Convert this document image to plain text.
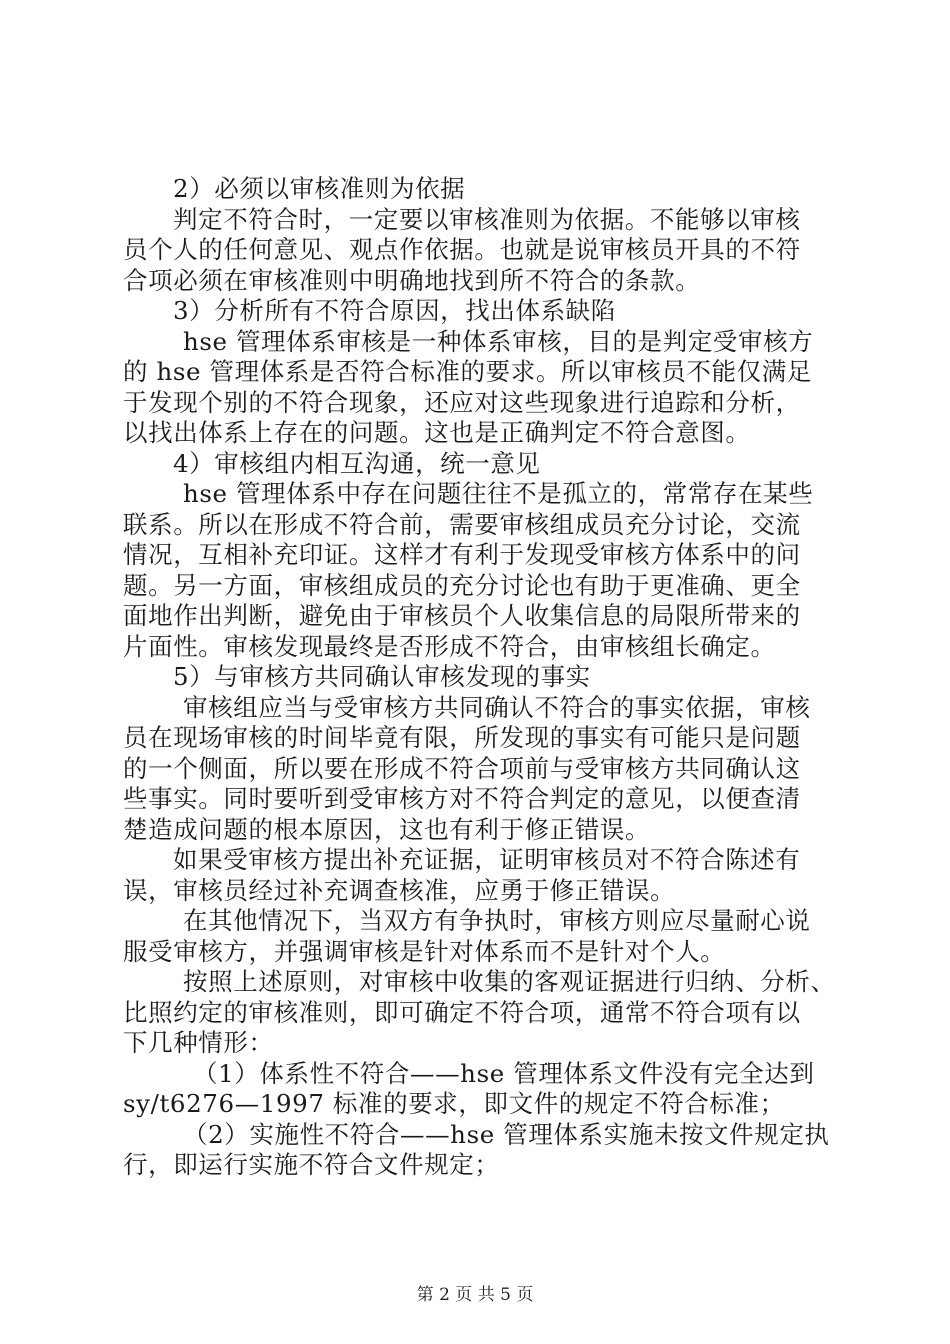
2）必须以审核准则为依据
判定不符合时，一定要以审核准则为依据。不能够以审核
员个人的任何意见、观点作依据。也就是说审核员开具的不符
合项必须在审核准则中明确地找到所不符合的条款。
3）分析所有不符合原因，找出体系缺陷
hse 管理体系审核是一种体系审核，目的是判定受审核方
的 hse 管理体系是否符合标准的要求。所以审核员不能仅满足
于发现个别的不符合现象，还应对这些现象进行追踪和分析，
以找出体系上存在的问题。这也是正确判定不符合意图。
4）审核组内相互沟通，统一意见
hse 管理体系中存在问题往往不是孤立的，常常存在某些
联系。所以在形成不符合前，需要审核组成员充分讨论，交流
情况，互相补充印证。这样才有利于发现受审核方体系中的问
题。另一方面，审核组成员的充分讨论也有助于更准确、更全
面地作出判断，避免由于审核员个人收集信息的局限所带来的
片面性。审核发现最终是否形成不符合，由审核组长确定。
5）与审核方共同确认审核发现的事实
审核组应当与受审核方共同确认不符合的事实依据，审核
员在现场审核的时间毕竟有限，所发现的事实有可能只是问题
的一个侧面，所以要在形成不符合项前与受审核方共同确认这
些事实。同时要听到受审核方对不符合判定的意见，以便查清
楚造成问题的根本原因，这也有利于修正错误。
如果受审核方提出补充证据，证明审核员对不符合陈述有
误，审核员经过补充调查核准，应勇于修正错误。
在其他情况下，当双方有争执时，审核方则应尽量耐心说
服受审核方，并强调审核是针对体系而不是针对个人。
按照上述原则，对审核中收集的客观证据进行归纳、分析、
比照约定的审核准则，即可确定不符合项，通常不符合项有以
下几种情形：
（1）体系性不符合——hse 管理体系文件没有完全达到
sy/t6276—1997 标准的要求，即文件的规定不符合标准；
（2）实施性不符合——hse 管理体系实施未按文件规定执
行，即运行实施不符合文件规定；
第 2 页 共 5 页
